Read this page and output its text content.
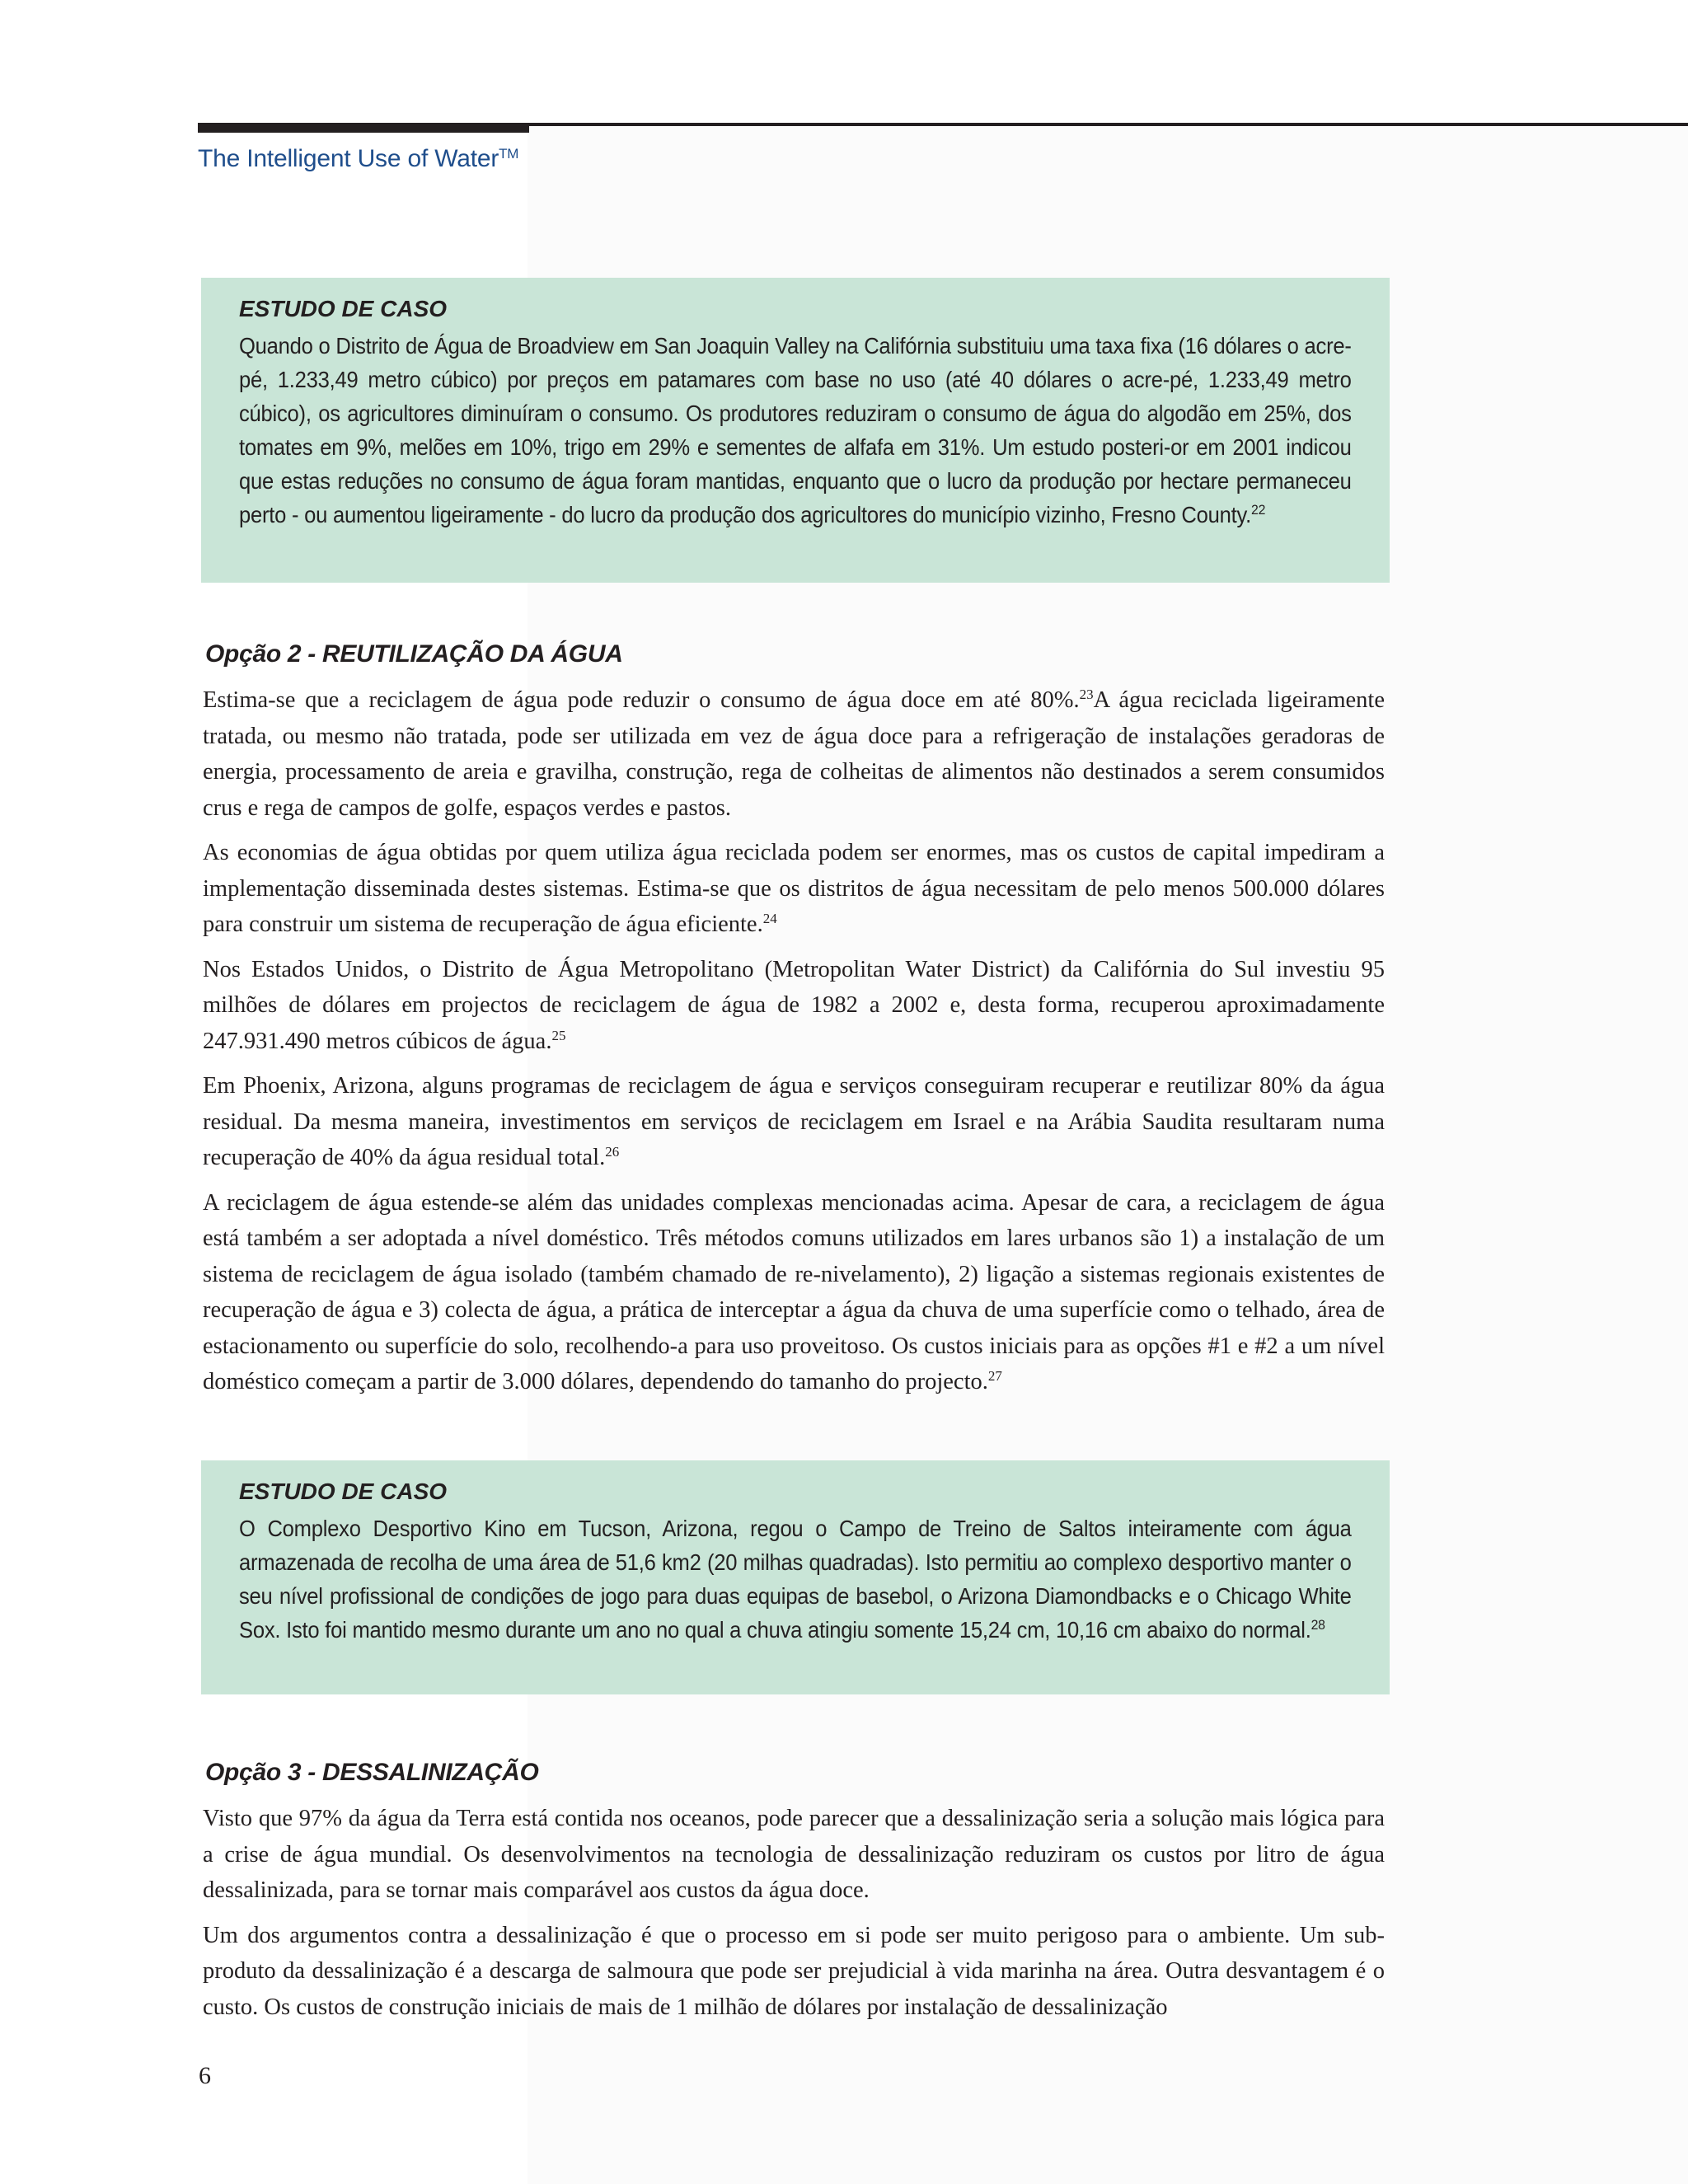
The Intelligent Use of Water™
ESTUDO DE CASO

Quando o Distrito de Água de Broadview em San Joaquin Valley na Califórnia substituiu uma taxa fixa (16 dólares o acre-pé, 1.233,49 metro cúbico) por preços em patamares com base no uso (até 40 dólares o acre-pé, 1.233,49 metro cúbico), os agricultores diminuíram o consumo. Os produtores reduziram o consumo de água do algodão em 25%, dos tomates em 9%, melões em 10%, trigo em 29% e sementes de alfafa em 31%. Um estudo posteri-or em 2001 indicou que estas reduções no consumo de água foram mantidas, enquanto que o lucro da produção por hectare permaneceu perto - ou aumentou ligeiramente - do lucro da produção dos agricultores do município vizinho, Fresno County.$^{22}$

Opção 2 - REUTILIZAÇÃO DA ÁGUA

Estima-se que a reciclagem de água pode reduzir o consumo de água doce em até 80%.$^{23}$A água reciclada ligeiramente tratada, ou mesmo não tratada, pode ser utilizada em vez de água doce para a refrigeração de instalações geradoras de energia, processamento de areia e gravilha, construção, rega de colheitas de alimentos não destinados a serem consumidos crus e rega de campos de golfe, espaços verdes e pastos.

As economias de água obtidas por quem utiliza água reciclada podem ser enormes, mas os custos de capital impediram a implementação disseminada destes sistemas. Estima-se que os distritos de água necessitam de pelo menos 500.000 dólares para construir um sistema de recuperação de água eficiente.$^{24}$

Nos Estados Unidos, o Distrito de Água Metropolitano (Metropolitan Water District) da Califórnia do Sul investiu 95 milhões de dólares em projectos de reciclagem de água de 1982 a 2002 e, desta forma, recuperou aproximadamente 247.931.490 metros cúbicos de água.$^{25}$

Em Phoenix, Arizona, alguns programas de reciclagem de água e serviços conseguiram recuperar e reutilizar 80% da água residual. Da mesma maneira, investimentos em serviços de reciclagem em Israel e na Arábia Saudita resultaram numa recuperação de 40% da água residual total.$^{26}$

A reciclagem de água estende-se além das unidades complexas mencionadas acima. Apesar de cara, a reciclagem de água está também a ser adoptada a nível doméstico. Três métodos comuns utilizados em lares urbanos são 1) a instalação de um sistema de reciclagem de água isolado (também chamado de re-nivelamento), 2) ligação a sistemas regionais existentes de recuperação de água e 3) colecta de água, a prática de interceptar a água da chuva de uma superfície como o telhado, área de estacionamento ou superfície do solo, recolhendo-a para uso proveitoso. Os custos iniciais para as opções #1 e #2 a um nível doméstico começam a partir de 3.000 dólares, dependendo do tamanho do projecto.$^{27}$

ESTUDO DE CASO

O Complexo Desportivo Kino em Tucson, Arizona, regou o Campo de Treino de Saltos inteiramente com água armazenada de recolha de uma área de 51,6 km2 (20 milhas quadradas). Isto permitiu ao complexo desportivo manter o seu nível profissional de condições de jogo para duas equipas de basebol, o Arizona Diamondbacks e o Chicago White Sox. Isto foi mantido mesmo durante um ano no qual a chuva atingiu somente 15,24 cm, 10,16 cm abaixo do normal.$^{28}$

Opção 3 - DESSALINIZAÇÃO

Visto que 97% da água da Terra está contida nos oceanos, pode parecer que a dessalinização seria a solução mais lógica para a crise de água mundial. Os desenvolvimentos na tecnologia de dessalinização reduziram os custos por litro de água dessalinizada, para se tornar mais comparável aos custos da água doce.

Um dos argumentos contra a dessalinização é que o processo em si pode ser muito perigoso para o ambiente. Um sub-produto da dessalinização é a descarga de salmoura que pode ser prejudicial à vida marinha na área. Outra desvantagem é o custo. Os custos de construção iniciais de mais de 1 milhão de dólares por instalação de dessalinização

6
